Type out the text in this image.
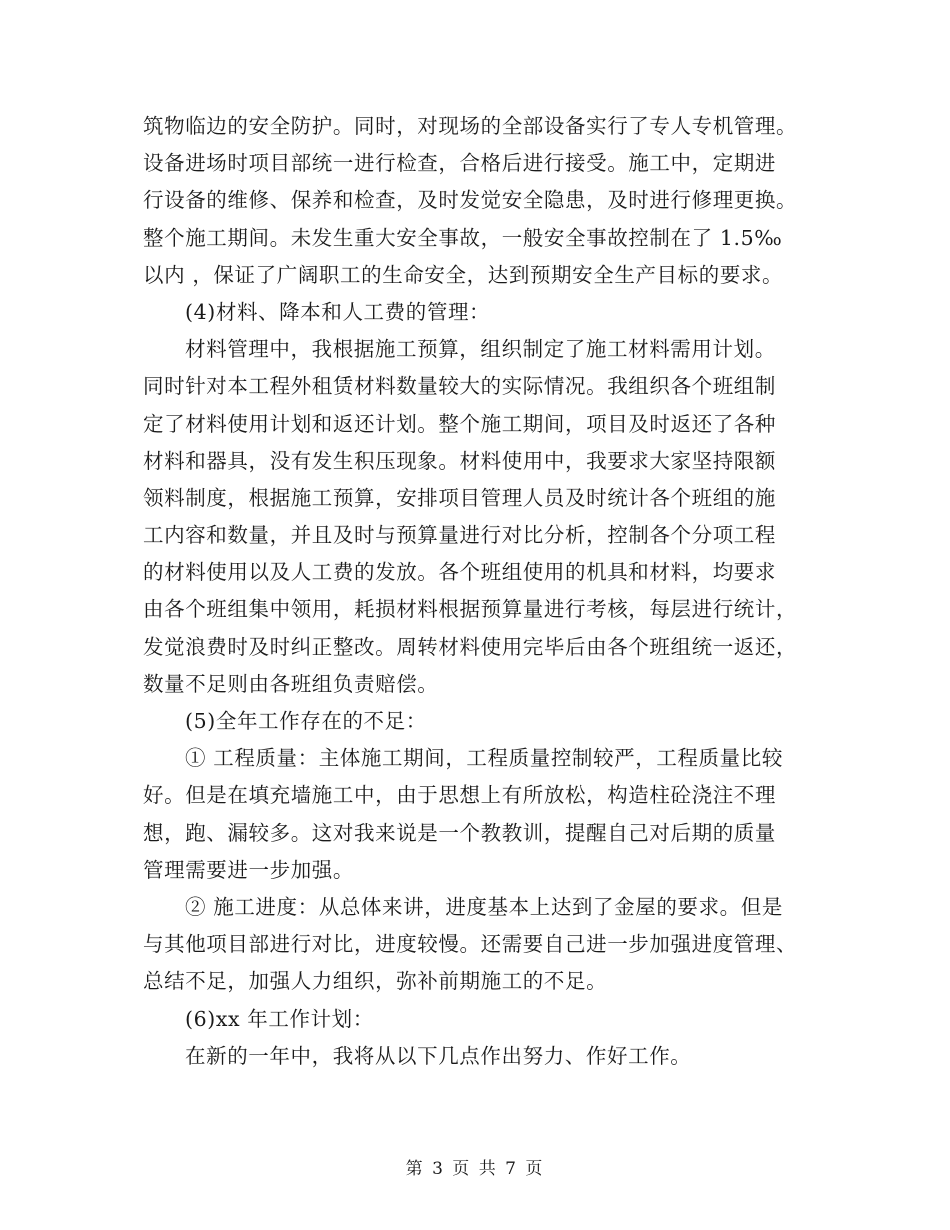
筑物临边的安全防护。同时，对现场的全部设备实行了专人专机管理。
设备进场时项目部统一进行检查，合格后进行接受。施工中，定期进
行设备的维修、保养和检查，及时发觉安全隐患，及时进行修理更换。
整个施工期间。未发生重大安全事故，一般安全事故控制在了 1.5‰
以内 ，保证了广阔职工的生命安全，达到预期安全生产目标的要求。
(4)材料、降本和人工费的管理：
材料管理中，我根据施工预算，组织制定了施工材料需用计划。
同时针对本工程外租赁材料数量较大的实际情况。我组织各个班组制
定了材料使用计划和返还计划。整个施工期间，项目及时返还了各种
材料和器具，没有发生积压现象。材料使用中，我要求大家坚持限额
领料制度，根据施工预算，安排项目管理人员及时统计各个班组的施
工内容和数量，并且及时与预算量进行对比分析，控制各个分项工程
的材料使用以及人工费的发放。各个班组使用的机具和材料，均要求
由各个班组集中领用，耗损材料根据预算量进行考核，每层进行统计，
发觉浪费时及时纠正整改。周转材料使用完毕后由各个班组统一返还，
数量不足则由各班组负责赔偿。
(5)全年工作存在的不足：
① 工程质量：主体施工期间，工程质量控制较严，工程质量比较
好。但是在填充墙施工中，由于思想上有所放松，构造柱砼浇注不理
想，跑、漏较多。这对我来说是一个教教训，提醒自己对后期的质量
管理需要进一步加强。
② 施工进度：从总体来讲，进度基本上达到了金屋的要求。但是
与其他项目部进行对比，进度较慢。还需要自己进一步加强进度管理、
总结不足，加强人力组织，弥补前期施工的不足。
(6)xx 年工作计划：
在新的一年中，我将从以下几点作出努力、作好工作。
第 3 页 共 7 页
